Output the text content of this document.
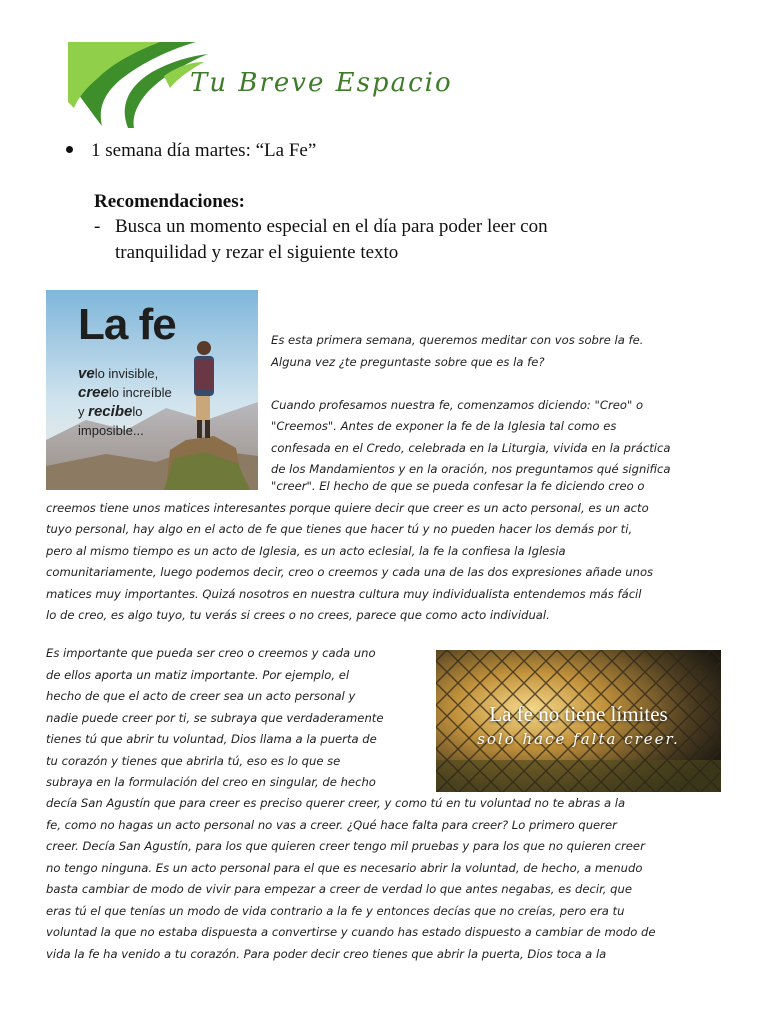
Tu Breve Espacio
1 semana día martes: “La Fe”
Recomendaciones:
- Busca un momento especial en el día para poder leer con
tranquilidad y rezar el siguiente texto
La fe
velo invisible,
creelo increíble
y recibelo
imposible...
Es esta primera semana, queremos meditar con vos sobre la fe.
Alguna vez ¿te preguntaste sobre que es la fe?

Cuando profesamos nuestra fe, comenzamos diciendo: "Creo" o
"Creemos". Antes de exponer la fe de la Iglesia tal como es
confesada en el Credo, celebrada en la Liturgia, vivida en la práctica
de los Mandamientos y en la oración, nos preguntamos qué significa
"creer". El hecho de que se pueda confesar la fe diciendo creo o
creemos tiene unos matices interesantes porque quiere decir que creer es un acto personal, es un acto
tuyo personal, hay algo en el acto de fe que tienes que hacer tú y no pueden hacer los demás por ti,
pero al mismo tiempo es un acto de Iglesia, es un acto eclesial, la fe la confiesa la Iglesia
comunitariamente, luego podemos decir, creo o creemos y cada una de las dos expresiones añade unos
matices muy importantes. Quizá nosotros en nuestra cultura muy individualista entendemos más fácil
lo de creo, es algo tuyo, tu verás si crees o no crees, parece que como acto individual.
Es importante que pueda ser creo o creemos y cada uno
de ellos aporta un matiz importante. Por ejemplo, el
hecho de que el acto de creer sea un acto personal y
nadie puede creer por ti, se subraya que verdaderamente
tienes tú que abrir tu voluntad, Dios llama a la puerta de
tu corazón y tienes que abrirla tú, eso es lo que se
subraya en la formulación del creo en singular, de hecho
La fe no tiene límites
solo hace falta creer.
decía San Agustín que para creer es preciso querer creer, y como tú en tu voluntad no te abras a la
fe, como no hagas un acto personal no vas a creer. ¿Qué hace falta para creer? Lo primero querer
creer. Decía San Agustín, para los que quieren creer tengo mil pruebas y para los que no quieren creer
no tengo ninguna. Es un acto personal para el que es necesario abrir la voluntad, de hecho, a menudo
basta cambiar de modo de vivir para empezar a creer de verdad lo que antes negabas, es decir, que
eras tú el que tenías un modo de vida contrario a la fe y entonces decías que no creías, pero era tu
voluntad la que no estaba dispuesta a convertirse y cuando has estado dispuesto a cambiar de modo de
vida la fe ha venido a tu corazón. Para poder decir creo tienes que abrir la puerta, Dios toca a la
